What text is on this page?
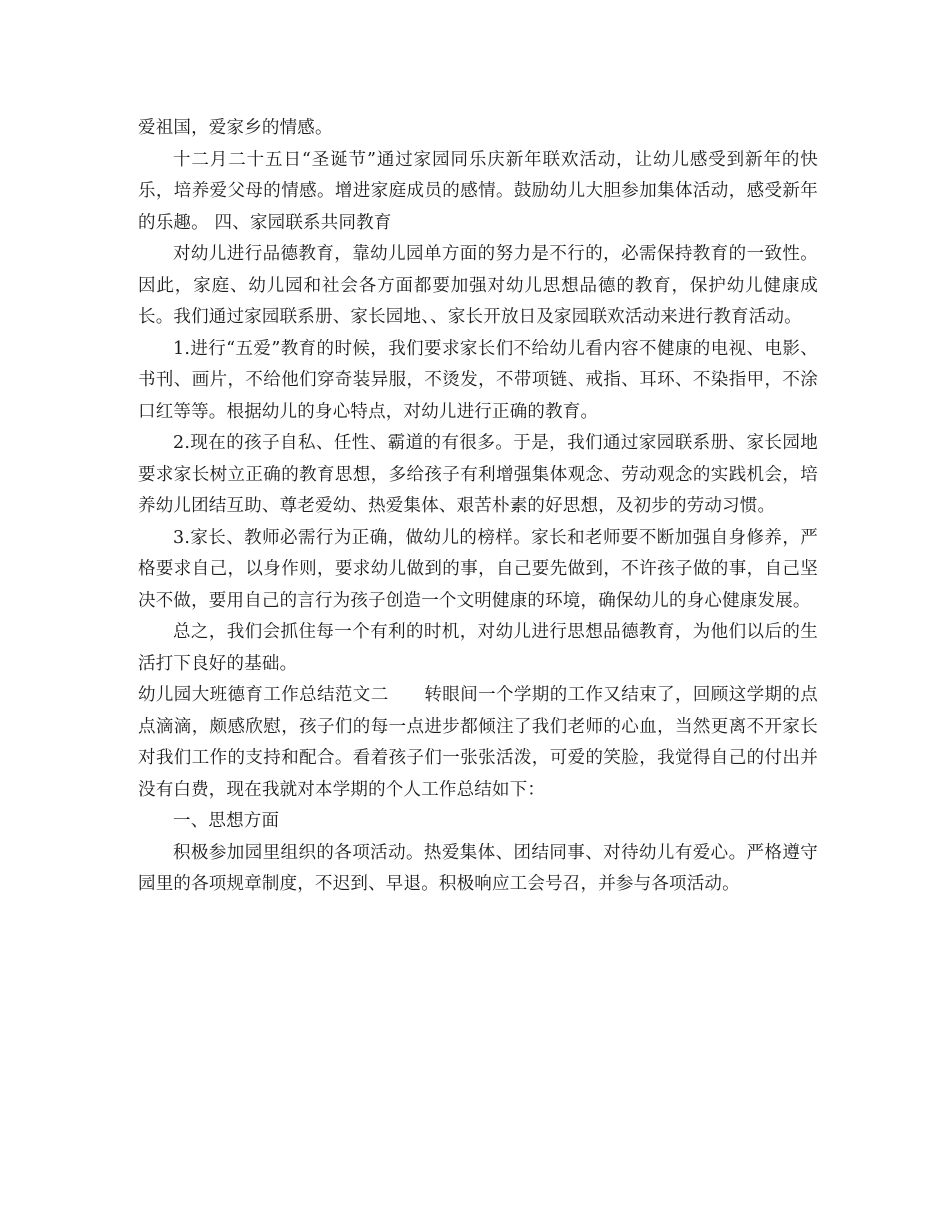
爱祖国，爱家乡的情感。

十二月二十五日“圣诞节”通过家园同乐庆新年联欢活动，让幼儿感受到新年的快乐，培养爱父母的情感。增进家庭成员的感情。鼓励幼儿大胆参加集体活动，感受新年的乐趣。 四、家园联系共同教育

对幼儿进行品德教育，靠幼儿园单方面的努力是不行的，必需保持教育的一致性。因此，家庭、幼儿园和社会各方面都要加强对幼儿思想品德的教育，保护幼儿健康成长。我们通过家园联系册、家长园地、、家长开放日及家园联欢活动来进行教育活动。

1.进行“五爱”教育的时候，我们要求家长们不给幼儿看内容不健康的电视、电影、书刊、画片，不给他们穿奇装异服，不烫发，不带项链、戒指、耳环、不染指甲，不涂口红等等。根据幼儿的身心特点，对幼儿进行正确的教育。

2.现在的孩子自私、任性、霸道的有很多。于是，我们通过家园联系册、家长园地要求家长树立正确的教育思想，多给孩子有利增强集体观念、劳动观念的实践机会，培养幼儿团结互助、尊老爱幼、热爱集体、艰苦朴素的好思想，及初步的劳动习惯。

3.家长、教师必需行为正确，做幼儿的榜样。家长和老师要不断加强自身修养，严格要求自己，以身作则，要求幼儿做到的事，自己要先做到，不许孩子做的事，自己坚决不做，要用自己的言行为孩子创造一个文明健康的环境，确保幼儿的身心健康发展。

总之，我们会抓住每一个有利的时机，对幼儿进行思想品德教育，为他们以后的生活打下良好的基础。

幼儿园大班德育工作总结范文二　　转眼间一个学期的工作又结束了，回顾这学期的点点滴滴，颇感欣慰，孩子们的每一点进步都倾注了我们老师的心血，当然更离不开家长对我们工作的支持和配合。看着孩子们一张张活泼，可爱的笑脸，我觉得自己的付出并没有白费，现在我就对本学期的个人工作总结如下：

一、思想方面

积极参加园里组织的各项活动。热爱集体、团结同事、对待幼儿有爱心。严格遵守园里的各项规章制度，不迟到、早退。积极响应工会号召，并参与各项活动。
